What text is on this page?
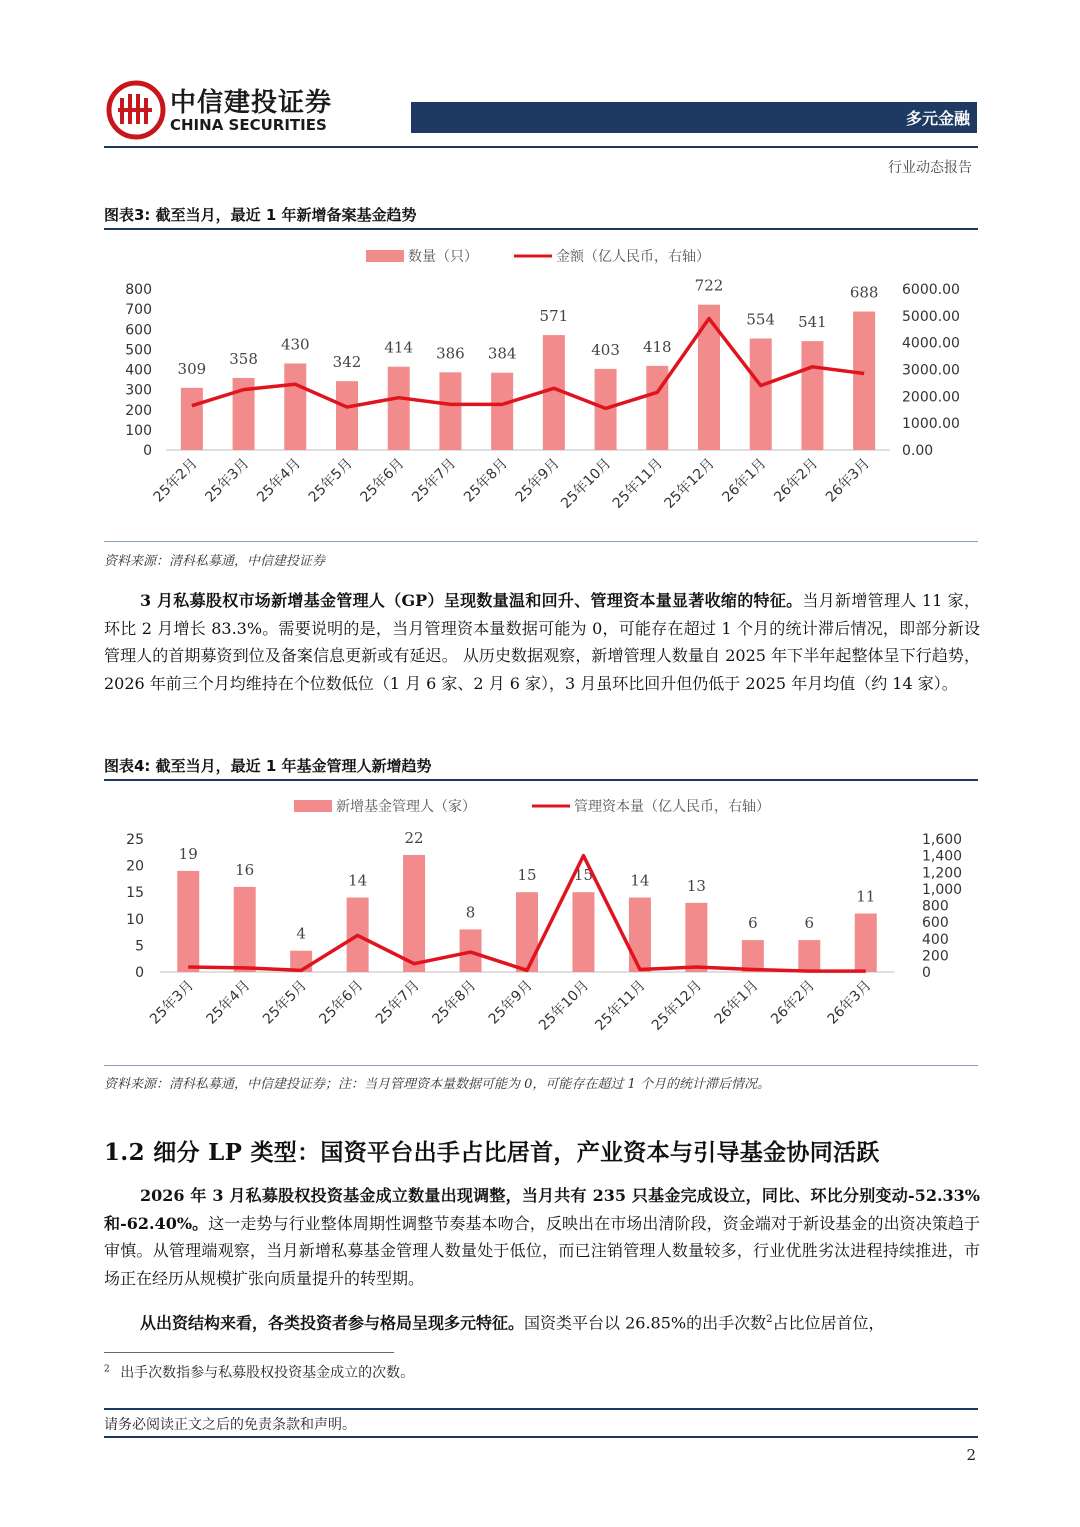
中信建投证券
CHINA SECURITIES	多元金融
行业动态报告
图表3: 截至当月，最近 1 年新增备案基金趋势
数量（只）	金额（亿人民币，右轴）
800
700
600
500
400
300
200
100
0
6000.00
5000.00
4000.00
3000.00
2000.00
1000.00
0.00
309
358
430
342
414 386 384
571
403 418
722
554 541
688
25年2月 25年3月 25年4月 25年5月 25年6月 25年7月 25年8月 25年9月
25年10月
25年11月
25年12月 26年1月 26年2月 26年3月
资料来源：清科私募通，中信建投证券

3 月私募股权市场新增基金管理人（GP）呈现数量温和回升、管理资本量显著收缩的特征。当月新增管理人 11 家，环比 2 月增长 83.3%。需要说明的是，当月管理资本量数据可能为 0，可能存在超过 1 个月的统计滞后情况，即部分新设管理人的首期募资到位及备案信息更新或有延迟。 从历史数据观察，新增管理人数量自 2025 年下半年起整体呈下行趋势，2026 年前三个月均维持在个位数低位（1 月 6 家、2 月 6 家），3 月虽环比回升但仍低于 2025 年月均值（约 14 家）。

图表4: 截至当月，最近 1 年基金管理人新增趋势
新增基金管理人（家）	管理资本量（亿人民币，右轴）
25
20
15
10
5
0
1,600
1,400
1,200
1,000
800
600
400
200
0
19
16
4
14
22
8
15 15 14 13
6	6
11
25年3月 25年4月 25年5月 25年6月 25年7月 25年8月 25年9月 25年10月 25年11月 25年12月 26年1月 26年2月 26年3月
资料来源：清科私募通，中信建投证券；注：当月管理资本量数据可能为 0，可能存在超过 1 个月的统计滞后情况。
1.2 细分 LP 类型：国资平台出手占比居首，产业资本与引导基金协同活跃

2026 年 3 月私募股权投资基金成立数量出现调整，当月共有 235 只基金完成设立，同比、环比分别变动-52.33%和-62.40%。这一走势与行业整体周期性调整节奏基本吻合，反映出在市场出清阶段，资金端对于新设基金的出资决策趋于审慎。从管理端观察，当月新增私募基金管理人数量处于低位，而已注销管理人数量较多，行业优胜劣汰进程持续推进，市场正在经历从规模扩张向质量提升的转型期。

从出资结构来看，各类投资者参与格局呈现多元特征。国资类平台以 26.85%的出手次数$^2$占比位居首位，

$^2$ 出手次数指参与私募股权投资基金成立的次数。
请务必阅读正文之后的免责条款和声明。
2
